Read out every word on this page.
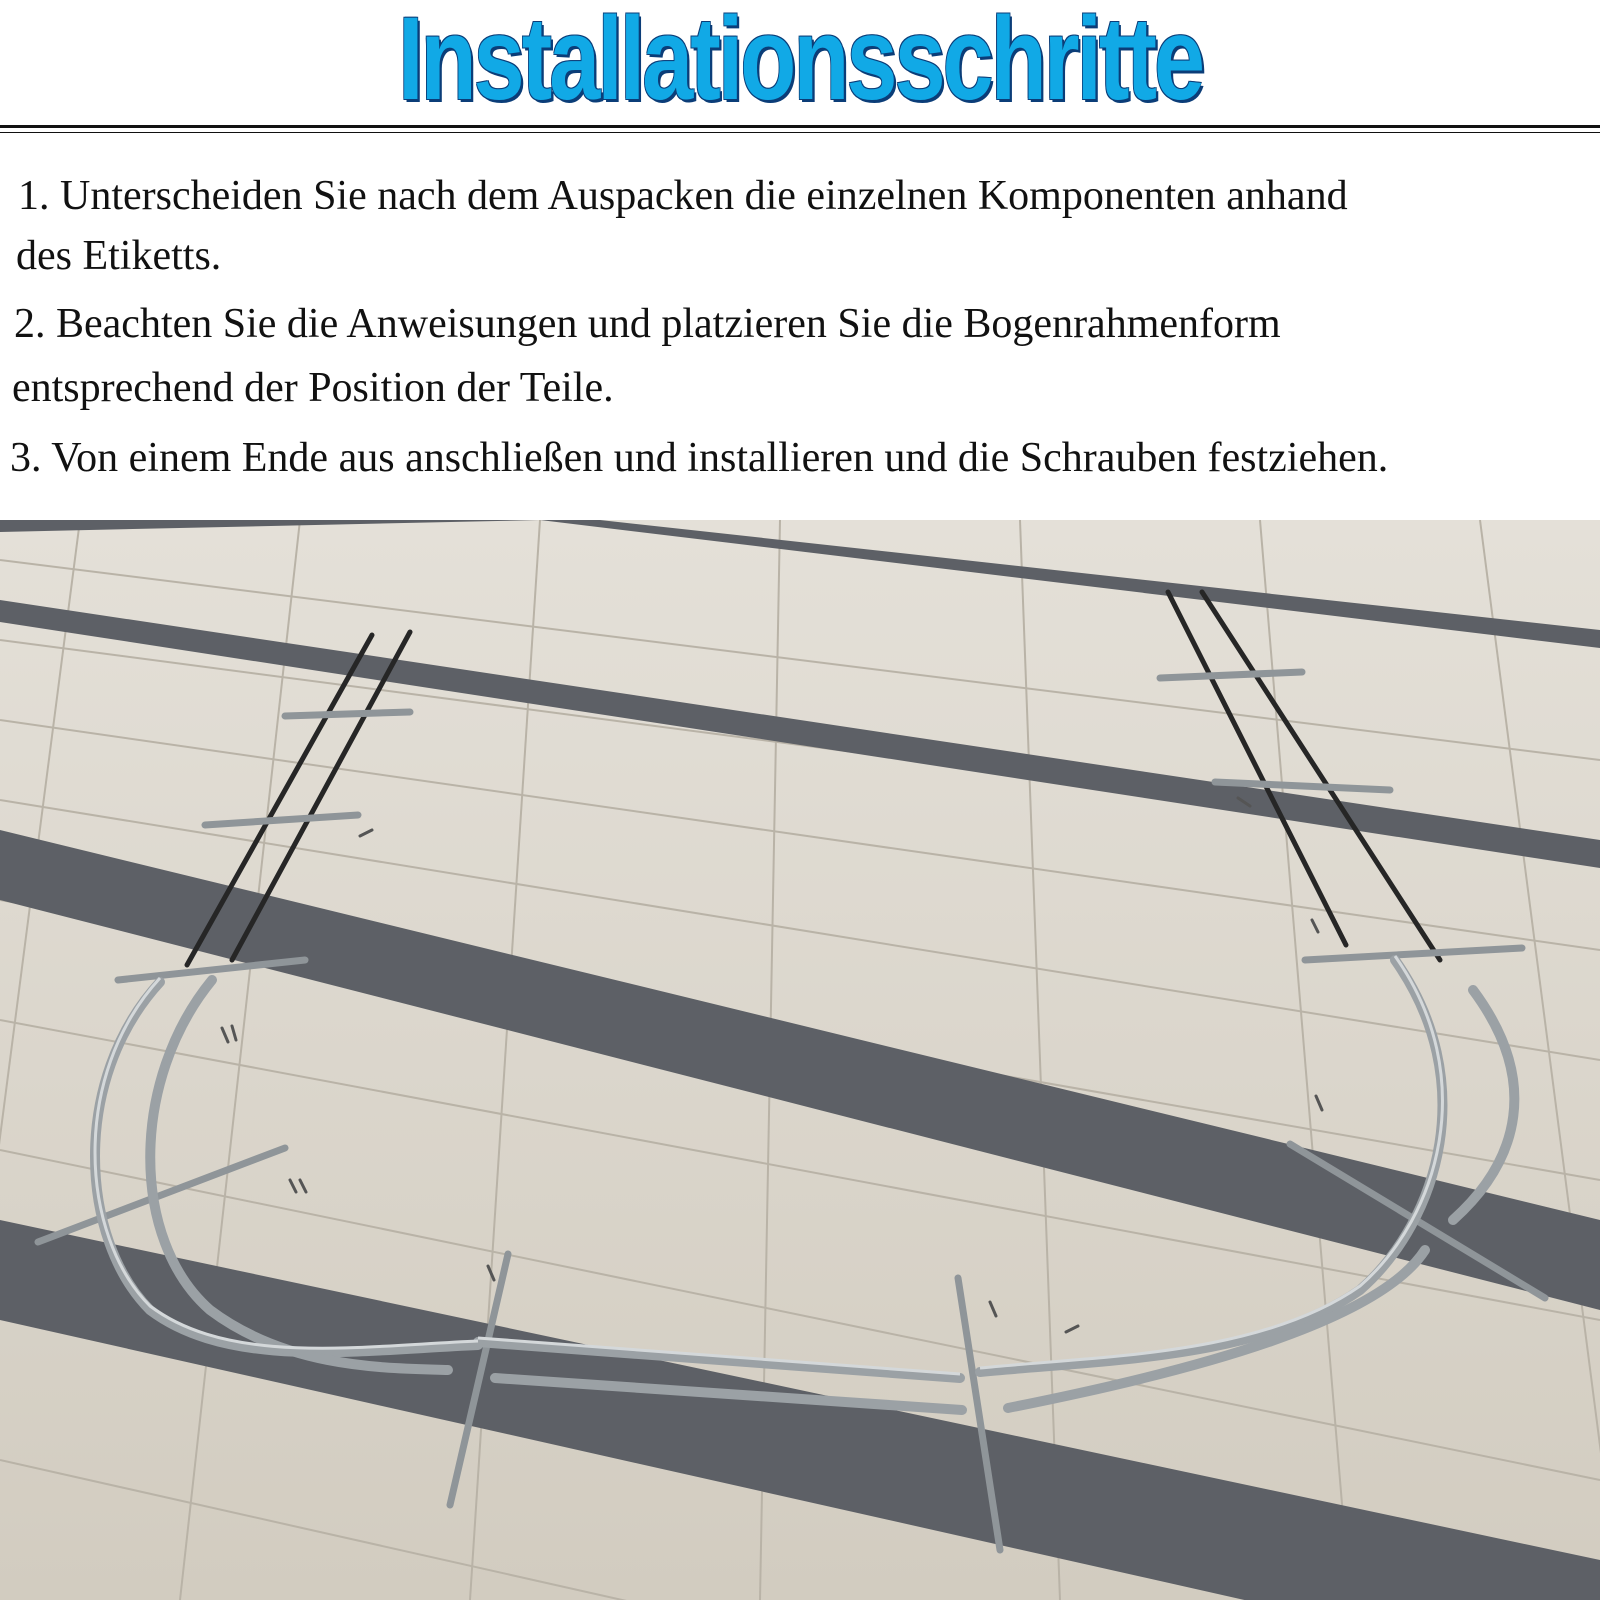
Installationsschritte
1. Unterscheiden Sie nach dem Auspacken die einzelnen Komponenten anhand
des Etiketts.
2. Beachten Sie die Anweisungen und platzieren Sie die Bogenrahmenform
entsprechend der Position der Teile.
3. Von einem Ende aus anschließen und installieren und die Schrauben festziehen.
